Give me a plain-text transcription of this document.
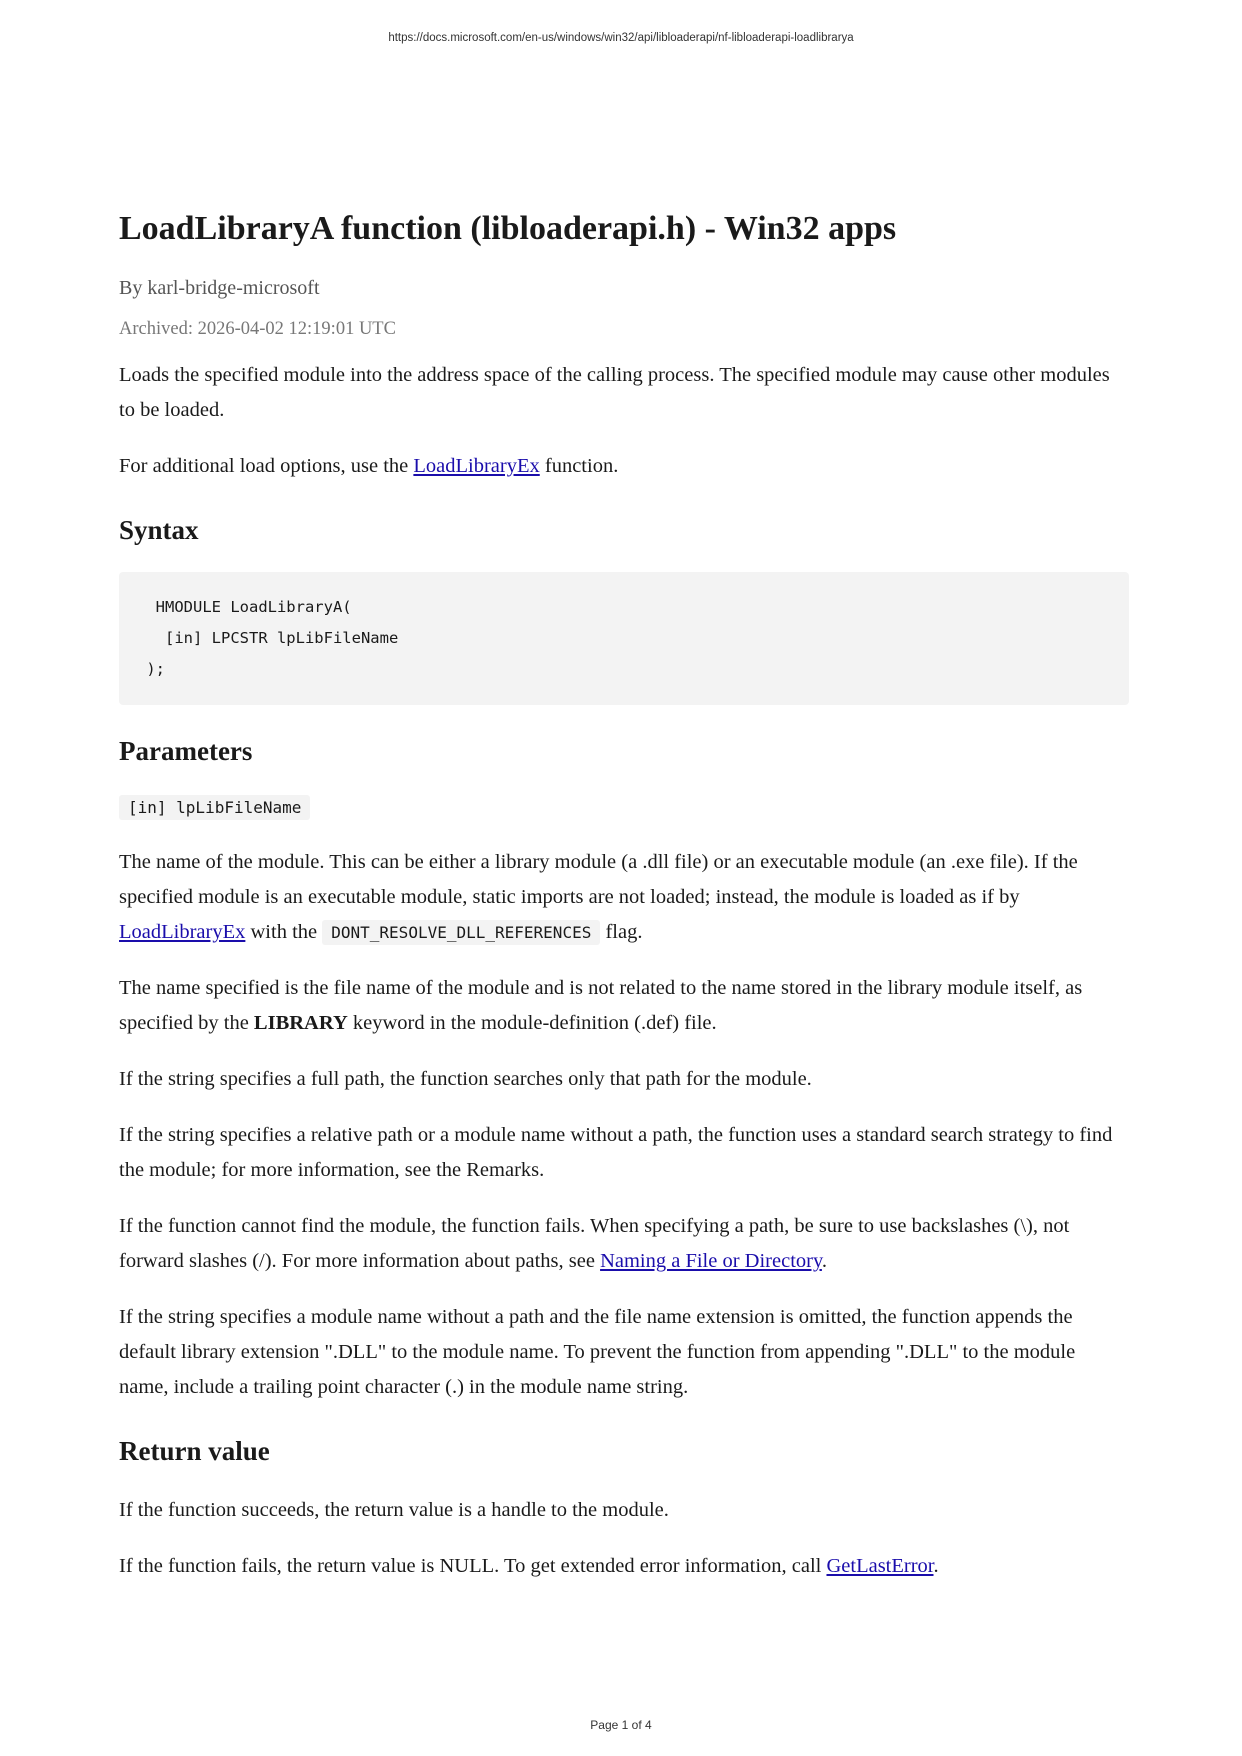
https://docs.microsoft.com/en-us/windows/win32/api/libloaderapi/nf-libloaderapi-loadlibrarya
LoadLibraryA function (libloaderapi.h) - Win32 apps
By karl-bridge-microsoft
Archived: 2026-04-02 12:19:01 UTC

Loads the specified module into the address space of the calling process. The specified module may cause other modules to be loaded.

For additional load options, use the LoadLibraryEx function.

Syntax
HMODULE LoadLibraryA(
[in] LPCSTR lpLibFileName
);
Parameters
[in] lpLibFileName

The name of the module. This can be either a library module (a .dll file) or an executable module (an .exe file). If the specified module is an executable module, static imports are not loaded; instead, the module is loaded as if by LoadLibraryEx with the DONT_RESOLVE_DLL_REFERENCES flag.

The name specified is the file name of the module and is not related to the name stored in the library module itself, as specified by the LIBRARY keyword in the module-definition (.def) file.

If the string specifies a full path, the function searches only that path for the module.

If the string specifies a relative path or a module name without a path, the function uses a standard search strategy to find the module; for more information, see the Remarks.

If the function cannot find the module, the function fails. When specifying a path, be sure to use backslashes (\), not forward slashes (/). For more information about paths, see Naming a File or Directory.

If the string specifies a module name without a path and the file name extension is omitted, the function appends the default library extension ".DLL" to the module name. To prevent the function from appending ".DLL" to the module name, include a trailing point character (.) in the module name string.

Return value

If the function succeeds, the return value is a handle to the module.

If the function fails, the return value is NULL. To get extended error information, call GetLastError.

Page 1 of 4
